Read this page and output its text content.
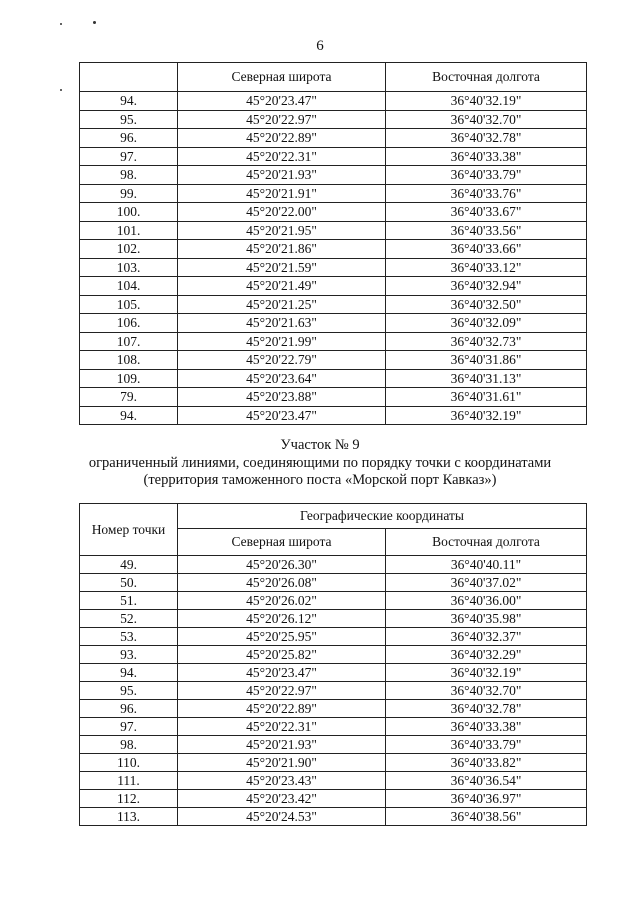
6
	Северная широта	Восточная долгота
94.	45°20'23.47"	36°40'32.19"
95.	45°20'22.97"	36°40'32.70"
96.	45°20'22.89"	36°40'32.78"
97.	45°20'22.31"	36°40'33.38"
98.	45°20'21.93"	36°40'33.79"
99.	45°20'21.91"	36°40'33.76"
100.	45°20'22.00"	36°40'33.67"
101.	45°20'21.95"	36°40'33.56"
102.	45°20'21.86"	36°40'33.66"
103.	45°20'21.59"	36°40'33.12"
104.	45°20'21.49"	36°40'32.94"
105.	45°20'21.25"	36°40'32.50"
106.	45°20'21.63"	36°40'32.09"
107.	45°20'21.99"	36°40'32.73"
108.	45°20'22.79"	36°40'31.86"
109.	45°20'23.64"	36°40'31.13"
79.	45°20'23.88"	36°40'31.61"
94.	45°20'23.47"	36°40'32.19"
Участок № 9
ограниченный линиями, соединяющими по порядку точки с координатами
(территория таможенного поста «Морской порт Кавказ»)
Номер точки	Географические координаты	
	Северная широта	Восточная долгота
49.	45°20'26.30"	36°40'40.11"
50.	45°20'26.08"	36°40'37.02"
51.	45°20'26.02"	36°40'36.00"
52.	45°20'26.12"	36°40'35.98"
53.	45°20'25.95"	36°40'32.37"
93.	45°20'25.82"	36°40'32.29"
94.	45°20'23.47"	36°40'32.19"
95.	45°20'22.97"	36°40'32.70"
96.	45°20'22.89"	36°40'32.78"
97.	45°20'22.31"	36°40'33.38"
98.	45°20'21.93"	36°40'33.79"
110.	45°20'21.90"	36°40'33.82"
111.	45°20'23.43"	36°40'36.54"
112.	45°20'23.42"	36°40'36.97"
113.	45°20'24.53"	36°40'38.56"
